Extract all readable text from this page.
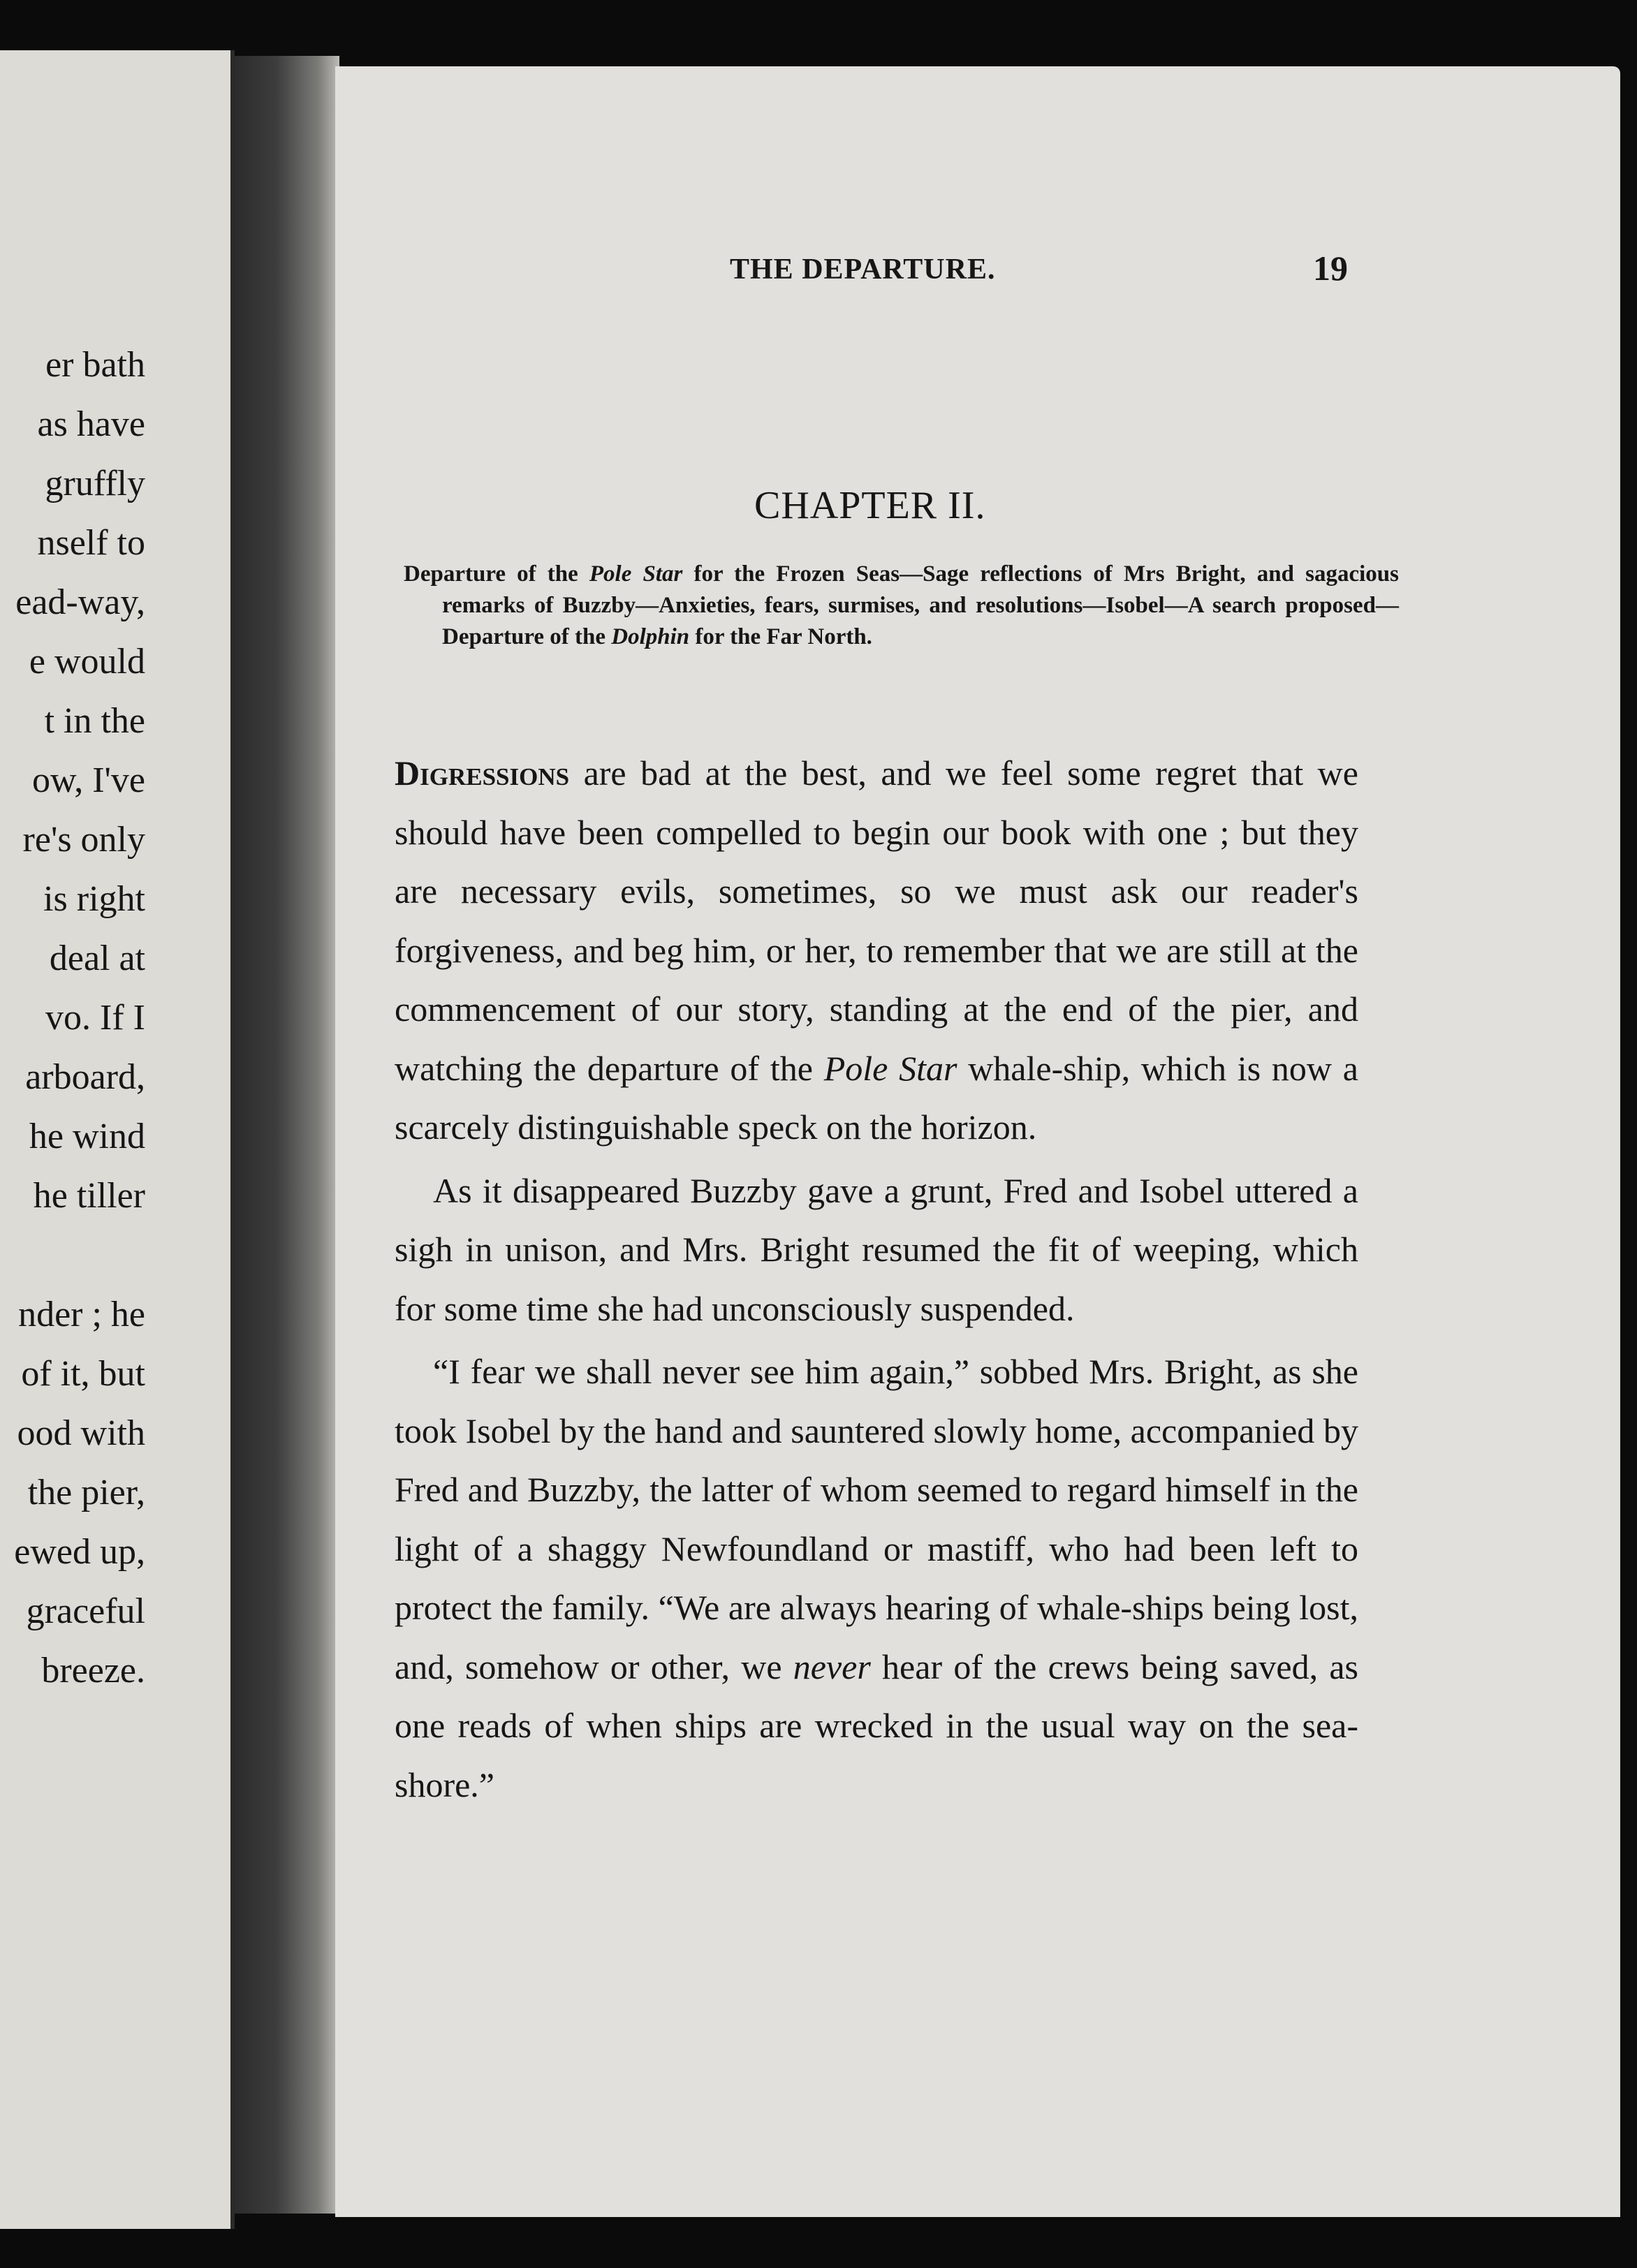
er bath
as have
gruffly
nself to
ead-way,
e would
t in the
ow, I've
re's only
is right
deal at
vo. If I
arboard,
he wind
he tiller
nder ; he
of it, but
ood with
the pier,
ewed up,
graceful
breeze.
THE DEPARTURE.	19
CHAPTER II.
Departure of the Pole Star for the Frozen Seas—Sage reflections of Mrs Bright, and sagacious remarks of Buzzby—Anxieties, fears, surmises, and resolutions—Isobel—A search proposed—Departure of the Dolphin for the Far North.

Digressions are bad at the best, and we feel some regret that we should have been compelled to begin our book with one ; but they are necessary evils, sometimes, so we must ask our reader's forgiveness, and beg him, or her, to remember that we are still at the commencement of our story, standing at the end of the pier, and watching the departure of the Pole Star whale-ship, which is now a scarcely distinguishable speck on the horizon.

As it disappeared Buzzby gave a grunt, Fred and Isobel uttered a sigh in unison, and Mrs. Bright resumed the fit of weeping, which for some time she had unconsciously suspended.

“I fear we shall never see him again,” sobbed Mrs. Bright, as she took Isobel by the hand and sauntered slowly home, accompanied by Fred and Buzzby, the latter of whom seemed to regard himself in the light of a shaggy Newfoundland or mastiff, who had been left to protect the family. “We are always hearing of whale-ships being lost, and, somehow or other, we never hear of the crews being saved, as one reads of when ships are wrecked in the usual way on the sea-shore.”
